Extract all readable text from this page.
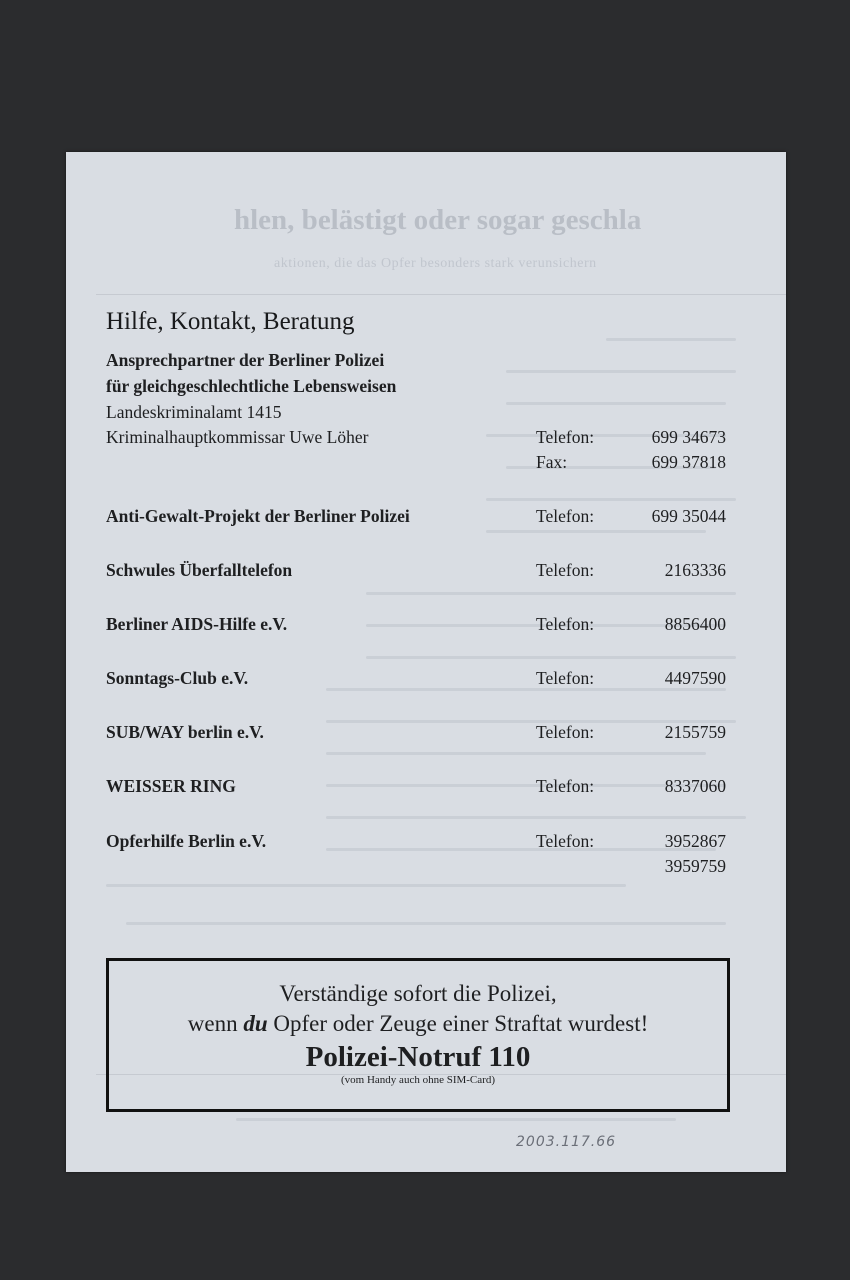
hlen, belästigt oder sogar geschla
aktionen, die das Opfer besonders stark verunsichern
Hilfe, Kontakt, Beratung
Ansprechpartner der Berliner Polizei
für gleichgeschlechtliche Lebensweisen
Landeskriminalamt 1415
Kriminalhauptkommissar Uwe Löher	Telefon:	699 34673
Fax:	699 37818
Anti-Gewalt-Projekt der Berliner Polizei	Telefon:	699 35044
Schwules Überfalltelefon	Telefon:	2163336
Berliner AIDS-Hilfe e.V.	Telefon:	8856400
Sonntags-Club e.V.	Telefon:	4497590
SUB/WAY berlin e.V.	Telefon:	2155759
WEISSER RING	Telefon:	8337060
Opferhilfe Berlin e.V.	Telefon:	3952867
3959759
Verständige sofort die Polizei,
wenn du Opfer oder Zeuge einer Straftat wurdest!
Polizei-Notruf 110
(vom Handy auch ohne SIM-Card)
2003.117.66
